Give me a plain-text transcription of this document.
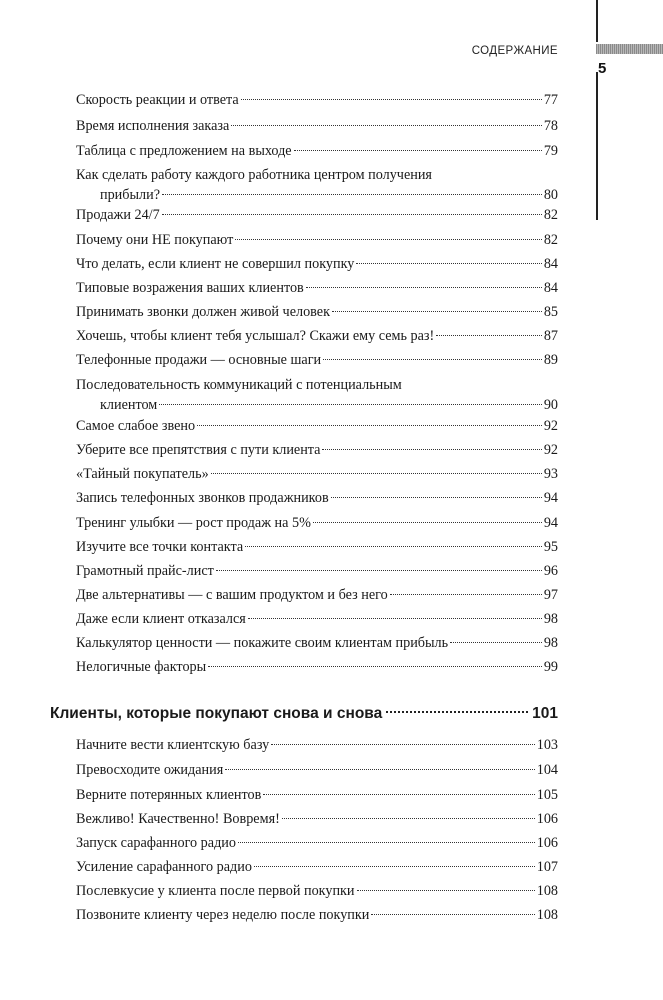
СОДЕРЖАНИЕ
5
Скорость реакции и ответа	77
Время исполнения заказа	78
Таблица с предложением на выходе	79
Как сделать работу каждого работника центром получения
прибыли?	80
Продажи 24/7	82
Почему они НЕ покупают	82
Что делать, если клиент не совершил покупку	84
Типовые возражения ваших клиентов	84
Принимать звонки должен живой человек	85
Хочешь, чтобы клиент тебя услышал? Скажи ему семь раз!	87
Телефонные продажи — основные шаги	89
Последовательность коммуникаций с потенциальным
клиентом	90
Самое слабое звено	92
Уберите все препятствия с пути клиента	92
«Тайный покупатель»	93
Запись телефонных звонков продажников	94
Тренинг улыбки — рост продаж на 5%	94
Изучите все точки контакта	95
Грамотный прайс-лист	96
Две альтернативы — с вашим продуктом и без него	97
Даже если клиент отказался	98
Калькулятор ценности — покажите своим клиентам прибыль	98
Нелогичные факторы	99
Клиенты, которые покупают снова и снова	101
Начните вести клиентскую базу	103
Превосходите ожидания	104
Верните потерянных клиентов	105
Вежливо! Качественно! Вовремя!	106
Запуск сарафанного радио	106
Усиление сарафанного радио	107
Послевкусие у клиента после первой покупки	108
Позвоните клиенту через неделю после покупки	108
